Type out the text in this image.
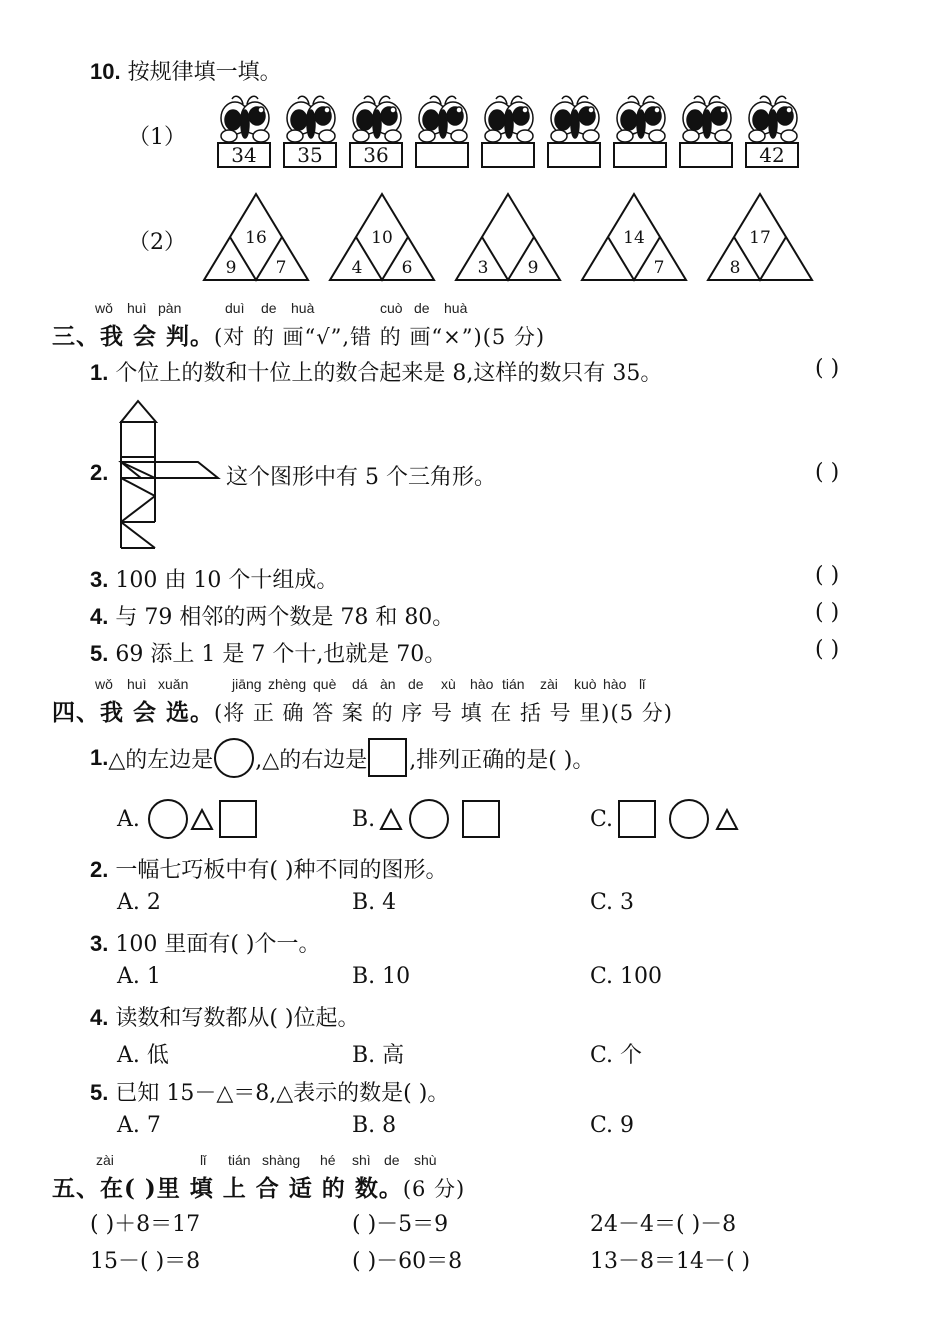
10. 按规律填一填。
（1）
34	35	36	42
（2）	16
9 7
10
4 6	3 9
14
7
17
8
wǒ huì pàn	duì de huà	cuò de huà
三、我 会 判。(对 的 画“√”,错 的 画“×”)(5 分)
1. 个位上的数和十位上的数合起来是 8,这样的数只有 35。	( )
2.	这个图形中有 5 个三角形。	( )
3. 100 由 10 个十组成。	( )
4. 与 79 相邻的两个数是 78 和 80。	( )
5. 69 添上 1 是 7 个十,也就是 70。	( )
wǒ huì xuǎn	jiāng zhèng què dá àn de xù hào tián zài kuò hào lǐ
四、我 会 选。(将 正 确 答 案 的 序 号 填 在 括 号 里)(5 分)
1. △的左边是 ,△的右边是 ,排列正确的是( )。
A.	B.	C.
2. 一幅七巧板中有( )种不同的图形。
A. 2	B. 4	C. 3
3. 100 里面有( )个一。
A. 1	B. 10	C. 100
4. 读数和写数都从( )位起。
A. 低	B. 高	C. 个
5. 已知 15－△＝8,△表示的数是( )。
A. 7	B. 8	C. 9
zài	lǐ tián shàng hé shì de shù
五、在( )里 填 上 合 适 的 数。(6 分)
( )＋8＝17	( )－5＝9	24－4＝( )－8
15－( )＝8	( )－60＝8	13－8＝14－( )
